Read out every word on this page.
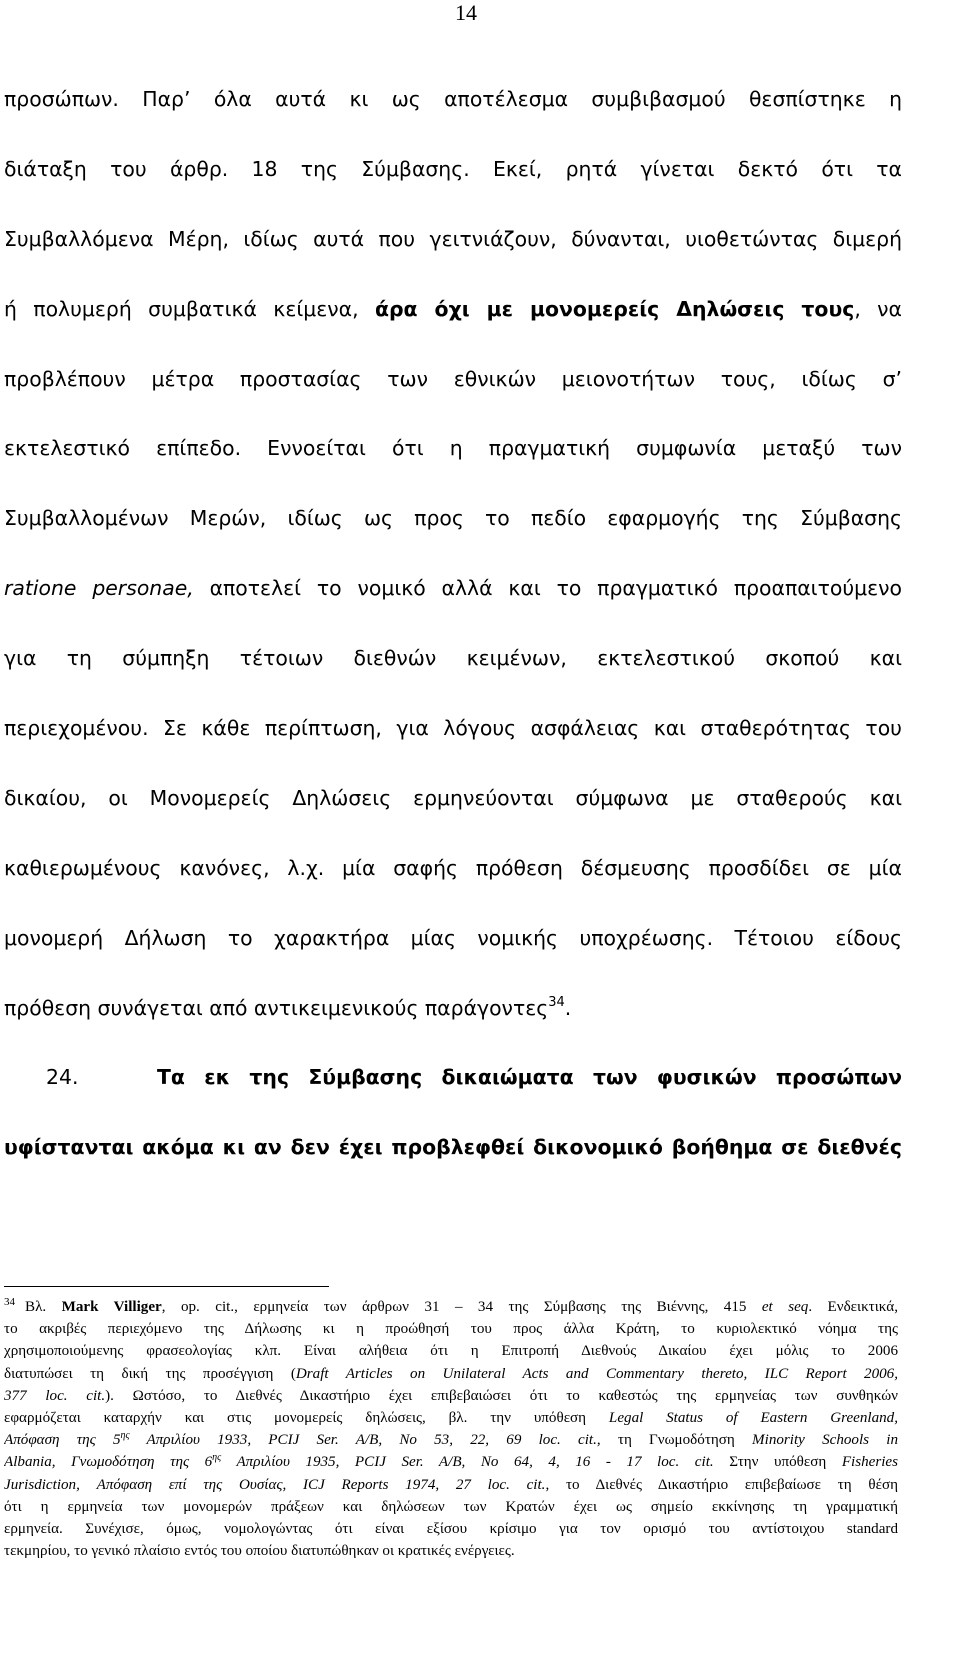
14
προσώπων. Παρ’ όλα αυτά κι ως αποτέλεσμα συμβιβασμού θεσπίστηκε η
διάταξη του άρθρ. 18 της Σύμβασης. Εκεί, ρητά γίνεται δεκτό ότι τα
Συμβαλλόμενα Μέρη, ιδίως αυτά που γειτνιάζουν, δύνανται, υιοθετώντας διμερή
ή πολυμερή συμβατικά κείμενα, άρα όχι με μονομερείς Δηλώσεις τους, να
προβλέπουν μέτρα προστασίας των εθνικών μειονοτήτων τους, ιδίως σ’
εκτελεστικό επίπεδο. Εννοείται ότι η πραγματική συμφωνία μεταξύ των
Συμβαλλομένων Μερών, ιδίως ως προς το πεδίο εφαρμογής της Σύμβασης
ratione personae, αποτελεί το νομικό αλλά και το πραγματικό προαπαιτούμενο
για τη σύμπηξη τέτοιων διεθνών κειμένων, εκτελεστικού σκοπού και
περιεχομένου. Σε κάθε περίπτωση, για λόγους ασφάλειας και σταθερότητας του
δικαίου, οι Μονομερείς Δηλώσεις ερμηνεύονται σύμφωνα με σταθερούς και
καθιερωμένους κανόνες, λ.χ. μία σαφής πρόθεση δέσμευσης προσδίδει σε μία
μονομερή Δήλωση το χαρακτήρα μίας νομικής υποχρέωσης. Τέτοιου είδους
πρόθεση συνάγεται από αντικειμενικούς παράγοντες$^{34}$.
24.	Τα εκ της Σύμβασης δικαιώματα των φυσικών προσώπων
υφίστανται ακόμα κι αν δεν έχει προβλεφθεί δικονομικό βοήθημα σε διεθνές
$^{34}$ Βλ. Mark Villiger, op. cit., ερμηνεία των άρθρων 31 – 34 της Σύμβασης της Βιέννης, 415 et seq. Ενδεικτικά,
το ακριβές περιεχόμενο της Δήλωσης κι η προώθησή του προς άλλα Κράτη, το κυριολεκτικό νόημα της
χρησιμοποιούμενης φρασεολογίας κλπ. Είναι αλήθεια ότι η Επιτροπή Διεθνούς Δικαίου έχει μόλις το 2006
διατυπώσει τη δική της προσέγγιση (Draft Articles on Unilateral Acts and Commentary thereto, ILC Report 2006,
377 loc. cit.). Ωστόσο, το Διεθνές Δικαστήριο έχει επιβεβαιώσει ότι το καθεστώς της ερμηνείας των συνθηκών
εφαρμόζεται καταρχήν και στις μονομερείς δηλώσεις, βλ. την υπόθεση Legal Status of Eastern Greenland,
Απόφαση της $5^{\eta\varsigma}$ Απριλίου 1933, PCIJ Ser. A/B, No 53, 22, 69 loc. cit., τη Γνωμοδότηση Minority Schools in
Albania, Γνωμοδότηση της $6^{\eta\varsigma}$ Απριλίου 1935, PCIJ Ser. A/B, No 64, 4, 16 - 17 loc. cit. Στην υπόθεση Fisheries
Jurisdiction, Απόφαση επί της Ουσίας, ICJ Reports 1974, 27 loc. cit., το Διεθνές Δικαστήριο επιβεβαίωσε τη θέση
ότι η ερμηνεία των μονομερών πράξεων και δηλώσεων των Κρατών έχει ως σημείο εκκίνησης τη γραμματική
ερμηνεία. Συνέχισε, όμως, νομολογώντας ότι είναι εξίσου κρίσιμο για τον ορισμό του αντίστοιχου standard
τεκμηρίου, το γενικό πλαίσιο εντός του οποίου διατυπώθηκαν οι κρατικές ενέργειες.
